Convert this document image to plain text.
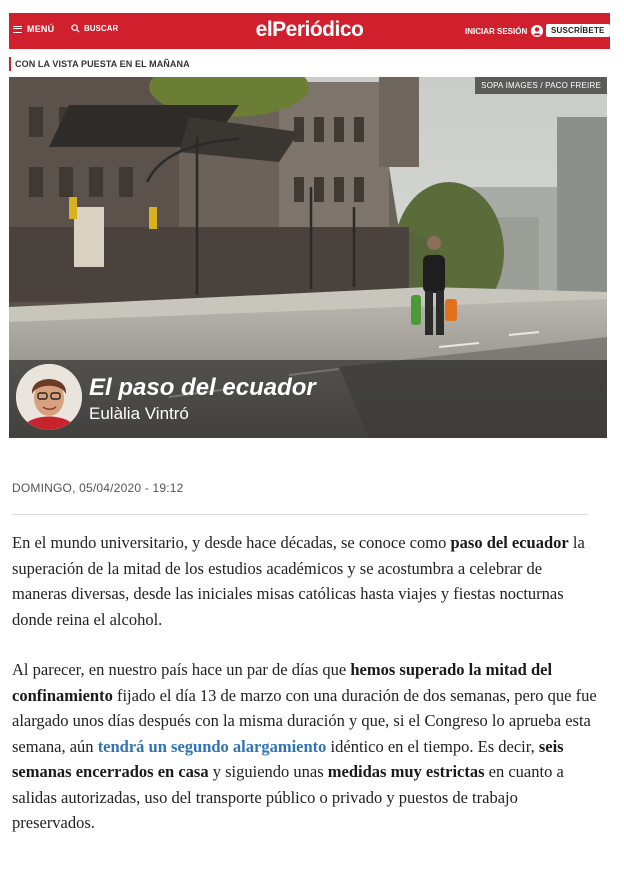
MENÚ	BUSCAR	elPeriódico	INICIAR SESIÓN	SUSCRÍBETE
CON LA VISTA PUESTA EN EL MAÑANA
SOPA IMAGES / PACO FREIRE
El paso del ecuador
Eulàlia Vintró
DOMINGO, 05/04/2020 - 19:12

En el mundo universitario, y desde hace décadas, se conoce como paso del ecuador la superación de la mitad de los estudios académicos y se acostumbra a celebrar de maneras diversas, desde las iniciales misas católicas hasta viajes y fiestas nocturnas donde reina el alcohol.

Al parecer, en nuestro país hace un par de días que hemos superado la mitad del confinamiento fijado el día 13 de marzo con una duración de dos semanas, pero que fue alargado unos días después con la misma duración y que, si el Congreso lo aprueba esta semana, aún tendrá un segundo alargamiento idéntico en el tiempo. Es decir, seis semanas encerrados en casa y siguiendo unas medidas muy estrictas en cuanto a salidas autorizadas, uso del transporte público o privado y puestos de trabajo preservados.
